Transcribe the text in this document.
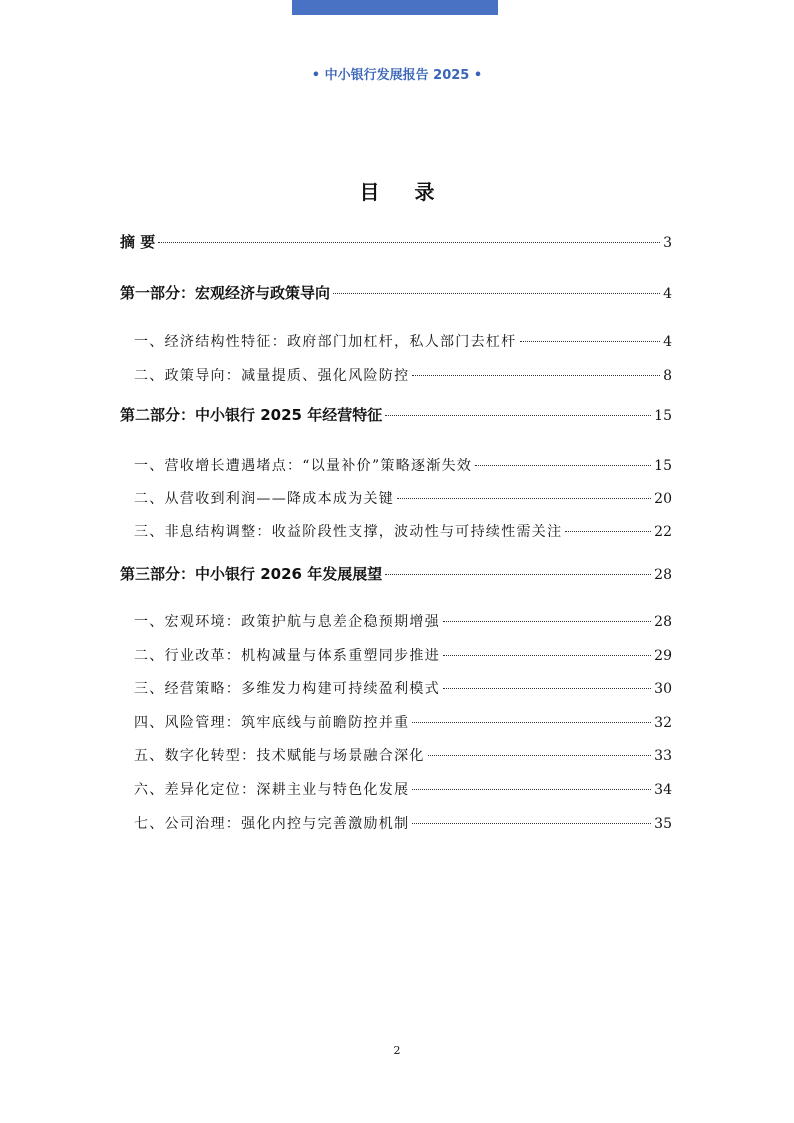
• 中小银行发展报告 2025 •
目 录
摘 要	3
第一部分：宏观经济与政策导向	4
一、经济结构性特征：政府部门加杠杆，私人部门去杠杆	4
二、政策导向：减量提质、强化风险防控	8
第二部分：中小银行 2025 年经营特征	15
一、营收增长遭遇堵点：“以量补价”策略逐渐失效	15
二、从营收到利润——降成本成为关键	20
三、非息结构调整：收益阶段性支撑，波动性与可持续性需关注	22
第三部分：中小银行 2026 年发展展望	28
一、宏观环境：政策护航与息差企稳预期增强	28
二、行业改革：机构减量与体系重塑同步推进	29
三、经营策略：多维发力构建可持续盈利模式	30
四、风险管理：筑牢底线与前瞻防控并重	32
五、数字化转型：技术赋能与场景融合深化	33
六、差异化定位：深耕主业与特色化发展	34
七、公司治理：强化内控与完善激励机制	35
2
